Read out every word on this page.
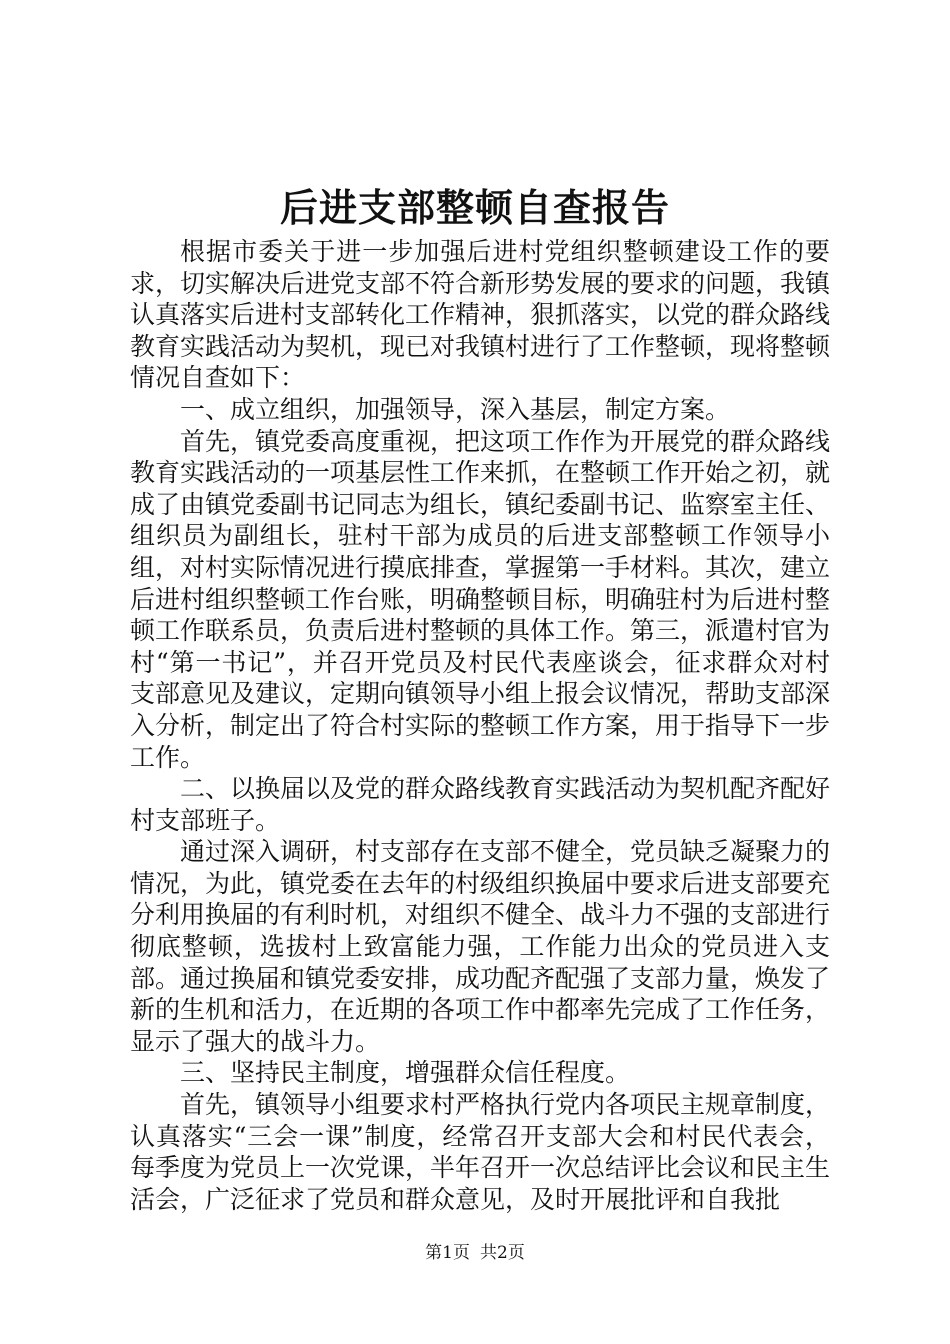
后进支部整顿自查报告

根据市委关于进一步加强后进村党组织整顿建设工作的要求，切实解决后进党支部不符合新形势发展的要求的问题，我镇认真落实后进村支部转化工作精神，狠抓落实，以党的群众路线教育实践活动为契机，现已对我镇村进行了工作整顿，现将整顿情况自查如下：

一、成立组织，加强领导，深入基层，制定方案。

首先，镇党委高度重视，把这项工作作为开展党的群众路线教育实践活动的一项基层性工作来抓，在整顿工作开始之初，就成了由镇党委副书记同志为组长，镇纪委副书记、监察室主任、组织员为副组长，驻村干部为成员的后进支部整顿工作领导小组，对村实际情况进行摸底排查，掌握第一手材料。其次，建立后进村组织整顿工作台账，明确整顿目标，明确驻村为后进村整顿工作联系员，负责后进村整顿的具体工作。第三，派遣村官为村“第一书记”，并召开党员及村民代表座谈会，征求群众对村支部意见及建议，定期向镇领导小组上报会议情况，帮助支部深入分析，制定出了符合村实际的整顿工作方案，用于指导下一步工作。

二、以换届以及党的群众路线教育实践活动为契机配齐配好村支部班子。

通过深入调研，村支部存在支部不健全，党员缺乏凝聚力的情况，为此，镇党委在去年的村级组织换届中要求后进支部要充分利用换届的有利时机，对组织不健全、战斗力不强的支部进行彻底整顿，选拔村上致富能力强，工作能力出众的党员进入支部。通过换届和镇党委安排，成功配齐配强了支部力量，焕发了新的生机和活力，在近期的各项工作中都率先完成了工作任务，显示了强大的战斗力。

三、坚持民主制度，增强群众信任程度。

首先，镇领导小组要求村严格执行党内各项民主规章制度，认真落实“三会一课”制度，经常召开支部大会和村民代表会，每季度为党员上一次党课，半年召开一次总结评比会议和民主生活会，广泛征求了党员和群众意见，及时开展批评和自我批

第1页 共2页
